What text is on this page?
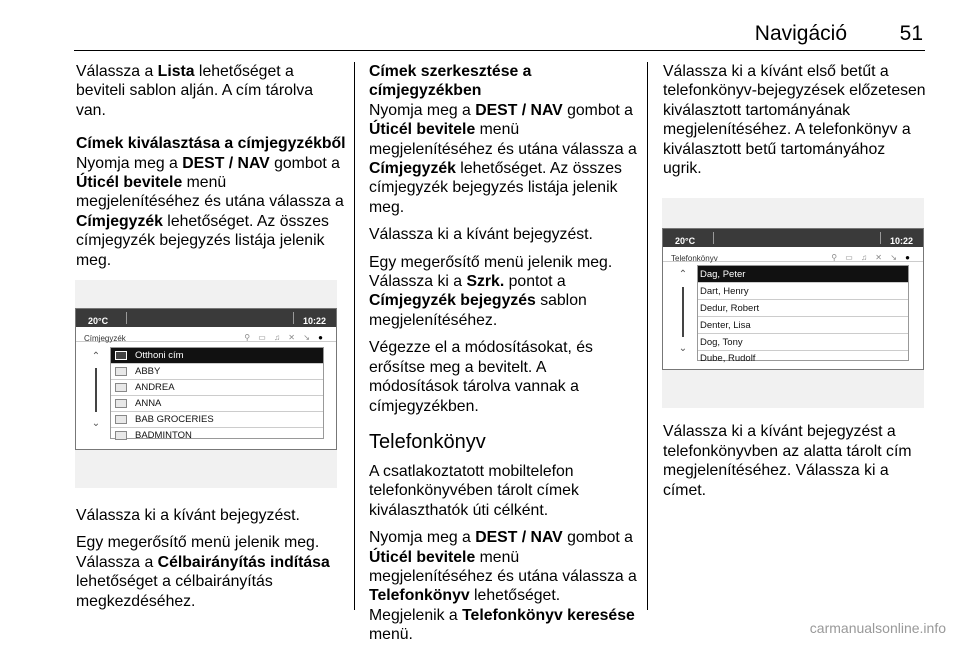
Navigáció	51

Válassza a Lista lehetőséget a beviteli sablon alján. A cím tárolva van.

Címek kiválasztása a címjegyzékből

Nyomja meg a DEST / NAV gombot a Úticél bevitele menü megjelenítéséhez és utána válassza a Címjegyzék lehetőséget. Az összes címjegyzék bejegyzés listája jelenik meg.

20°C	10:22
Címjegyzék	⚲ ▭ ♫ ✕ ↘ ●
⌃
⌄
Otthoni cím
ABBY
ANDREA
ANNA
BAB GROCERIES
BADMINTON

Válassza ki a kívánt bejegyzést.

Egy megerősítő menü jelenik meg. Válassza a Célbairányítás indítása lehetőséget a célbairányítás megkezdéséhez.

Címek szerkesztése a címjegyzékben

Nyomja meg a DEST / NAV gombot a Úticél bevitele menü megjelenítéséhez és utána válassza a Címjegyzék lehetőséget. Az összes címjegyzék bejegyzés listája jelenik meg.

Válassza ki a kívánt bejegyzést.

Egy megerősítő menü jelenik meg. Válassza ki a Szrk. pontot a Címjegyzék bejegyzés sablon megjelenítéséhez.

Végezze el a módosításokat, és erősítse meg a bevitelt. A módosítások tárolva vannak a címjegyzékben.

Telefonkönyv

A csatlakoztatott mobiltelefon telefonkönyvében tárolt címek kiválaszthatók úti célként.

Nyomja meg a DEST / NAV gombot a Úticél bevitele menü megjelenítéséhez és utána válassza a Telefonkönyv lehetőséget. Megjelenik a Telefonkönyv keresése menü.

Válassza ki a kívánt első betűt a telefonkönyv-bejegyzések előzetesen kiválasztott tartományának megjelenítéséhez. A telefonkönyv a kiválasztott betű tartományához ugrik.

20°C	10:22
Telefonkönyv	⚲ ▭ ♫ ✕ ↘ ●
⌃
⌄
Dag, Peter
Dart, Henry
Dedur, Robert
Denter, Lisa
Dog, Tony
Dube, Rudolf

Válassza ki a kívánt bejegyzést a telefonkönyvben az alatta tárolt cím megjelenítéséhez. Válassza ki a címet.

carmanualsonline.info
